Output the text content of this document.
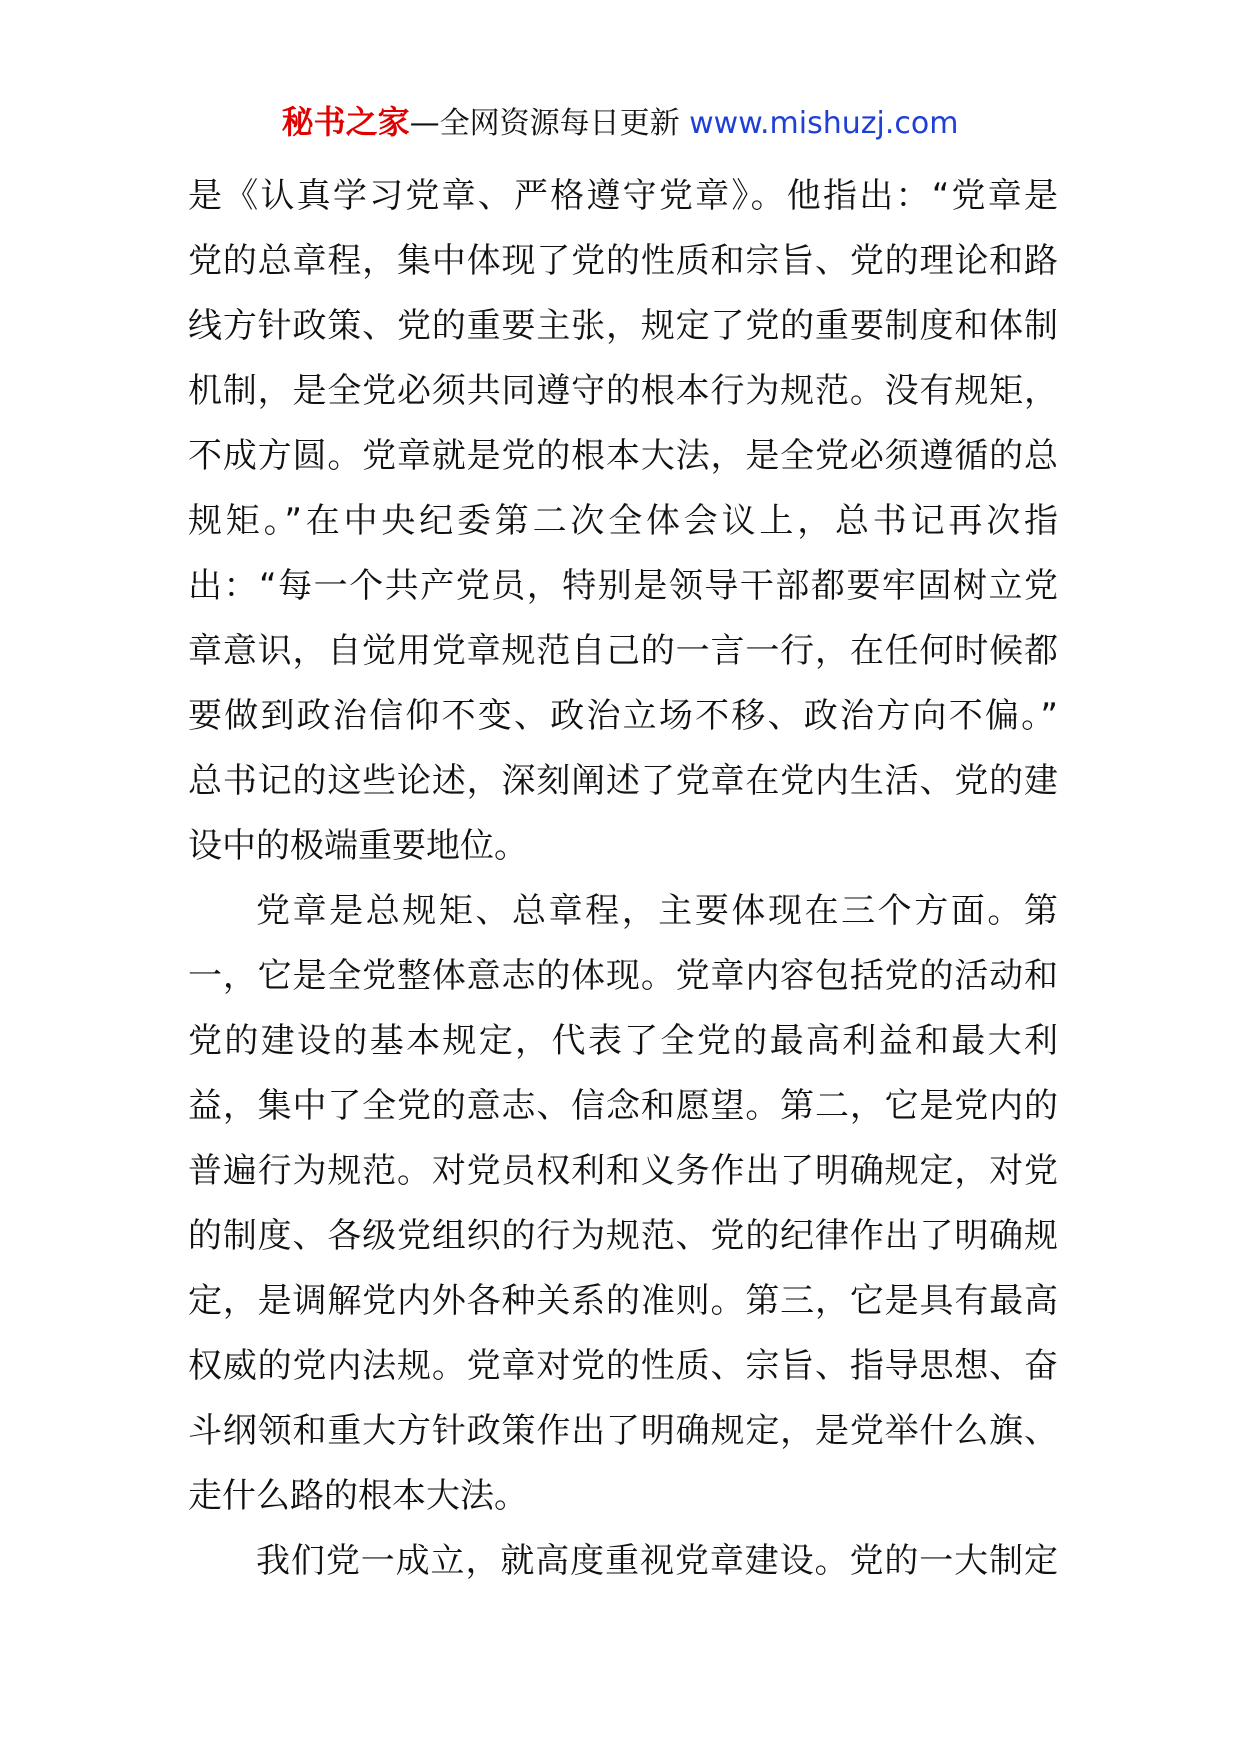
秘书之家—全网资源每日更新 www.mishuzj.com
是《认真学习党章、严格遵守党章》。他指出：“党章是
党的总章程，集中体现了党的性质和宗旨、党的理论和路
线方针政策、党的重要主张，规定了党的重要制度和体制
机制，是全党必须共同遵守的根本行为规范。没有规矩，
不成方圆。党章就是党的根本大法，是全党必须遵循的总
规矩。”在中央纪委第二次全体会议上，总书记再次指
出：“每一个共产党员，特别是领导干部都要牢固树立党
章意识，自觉用党章规范自己的一言一行，在任何时候都
要做到政治信仰不变、政治立场不移、政治方向不偏。”
总书记的这些论述，深刻阐述了党章在党内生活、党的建
设中的极端重要地位。
党章是总规矩、总章程，主要体现在三个方面。第
一，它是全党整体意志的体现。党章内容包括党的活动和
党的建设的基本规定，代表了全党的最高利益和最大利
益，集中了全党的意志、信念和愿望。第二，它是党内的
普遍行为规范。对党员权利和义务作出了明确规定，对党
的制度、各级党组织的行为规范、党的纪律作出了明确规
定，是调解党内外各种关系的准则。第三，它是具有最高
权威的党内法规。党章对党的性质、宗旨、指导思想、奋
斗纲领和重大方针政策作出了明确规定，是党举什么旗、
走什么路的根本大法。
我们党一成立，就高度重视党章建设。党的一大制定
